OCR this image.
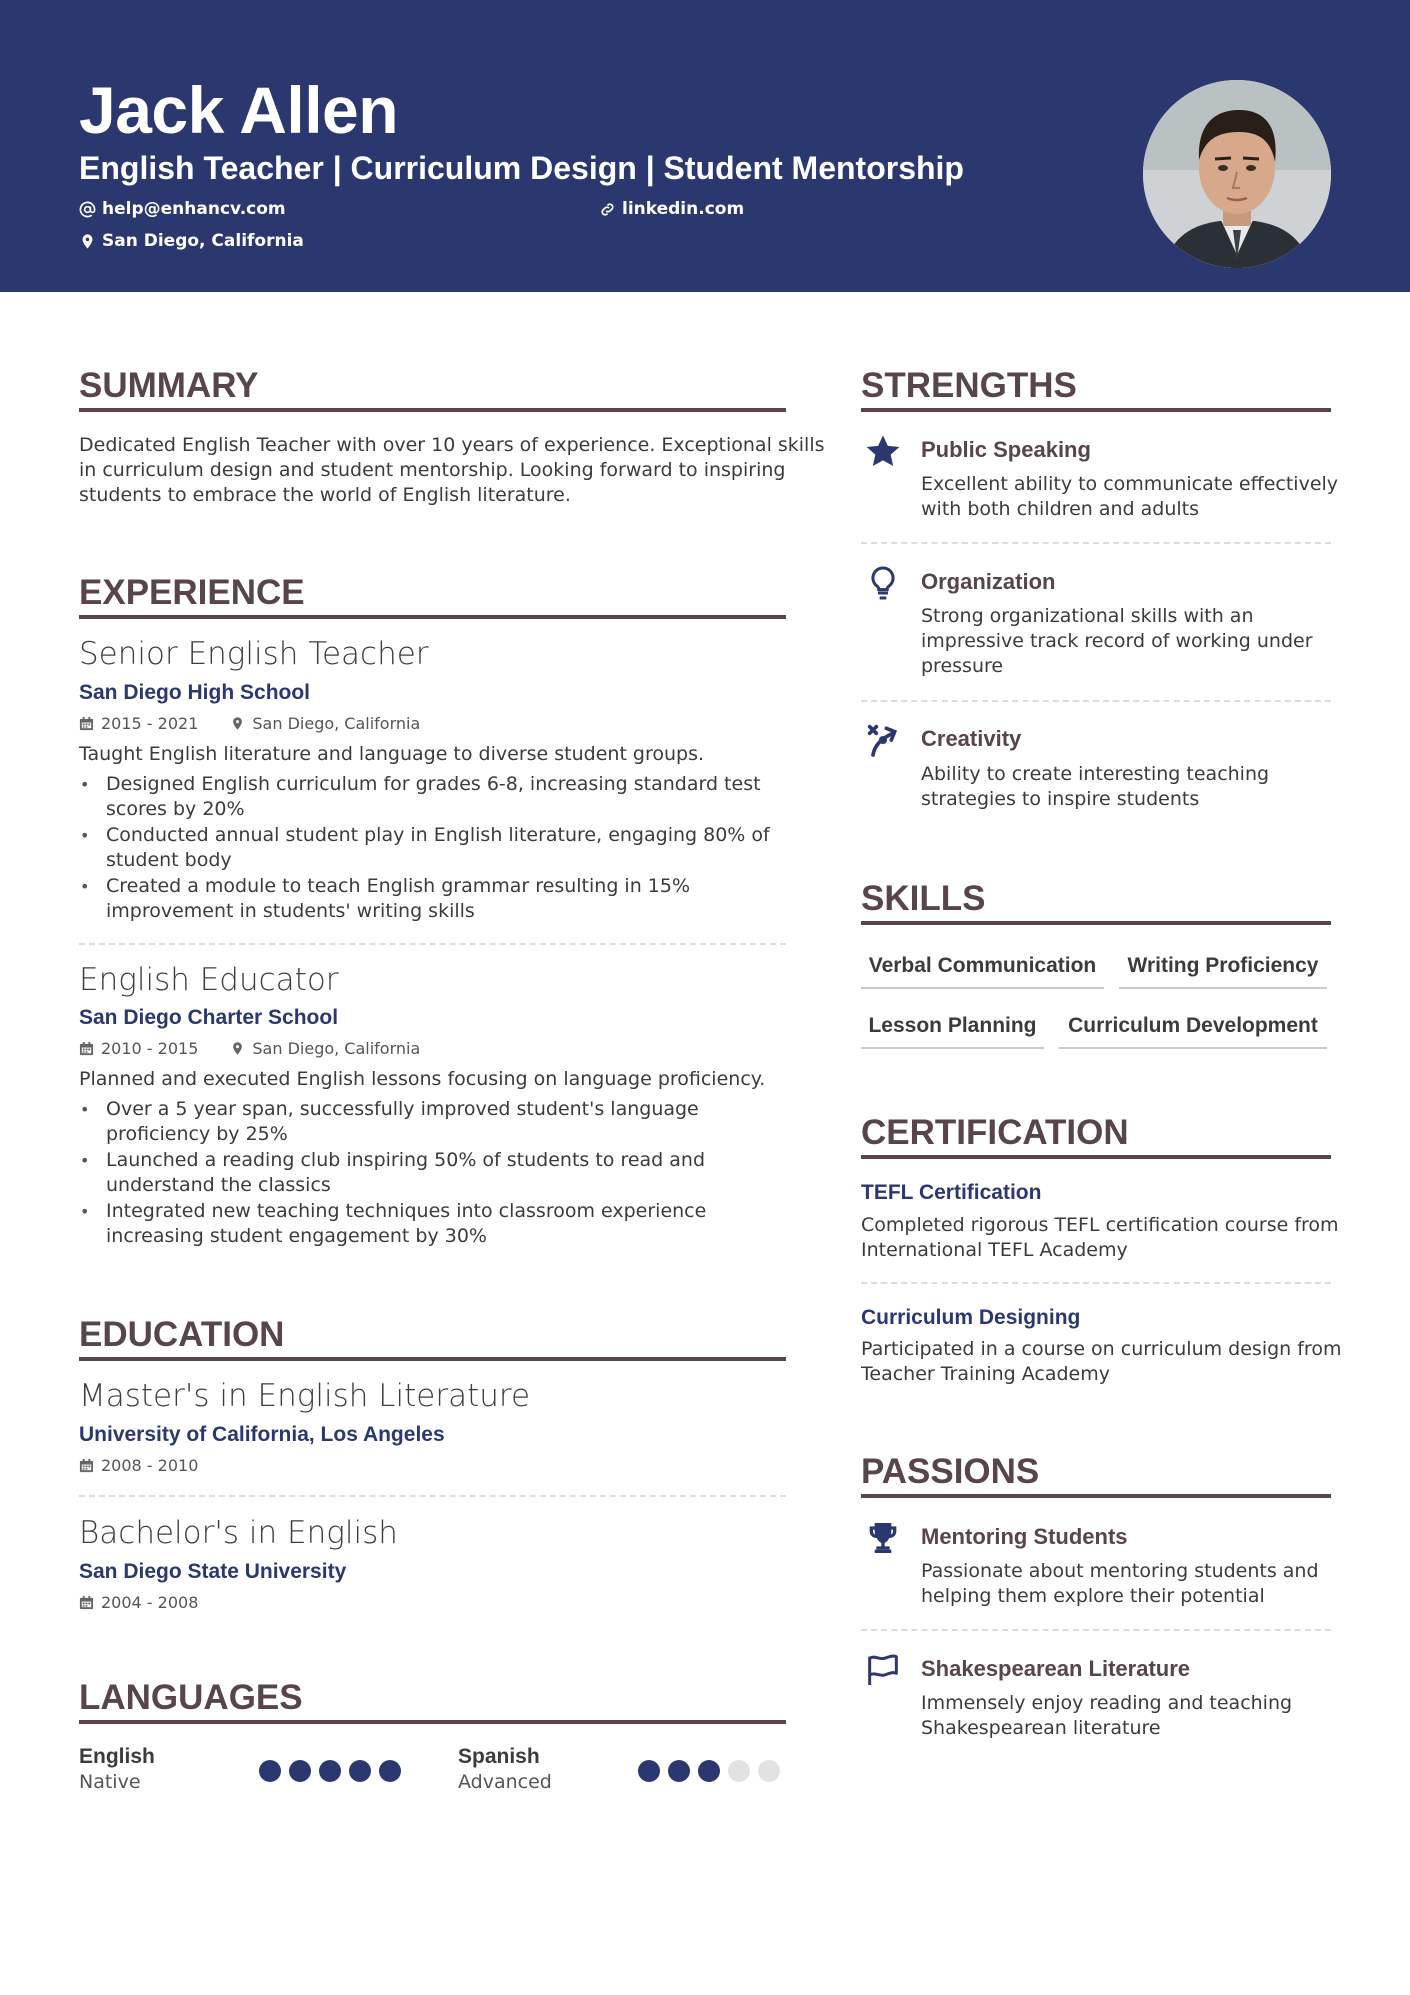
Jack Allen
English Teacher | Curriculum Design | Student Mentorship
help@enhancv.com	linkedin.com
San Diego, California
SUMMARY
Dedicated English Teacher with over 10 years of experience. Exceptional skills
in curriculum design and student mentorship. Looking forward to inspiring
students to embrace the world of English literature.
EXPERIENCE
Senior English Teacher
San Diego High School
2015 - 2021	San Diego, California
Taught English literature and language to diverse student groups.
• Designed English curriculum for grades 6-8, increasing standard test scores by 20%
• Conducted annual student play in English literature, engaging 80% of student body
• Created a module to teach English grammar resulting in 15% improvement in students' writing skills
English Educator
San Diego Charter School
2010 - 2015	San Diego, California
Planned and executed English lessons focusing on language proficiency.
• Over a 5 year span, successfully improved student's language proficiency by 25%
• Launched a reading club inspiring 50% of students to read and understand the classics
• Integrated new teaching techniques into classroom experience increasing student engagement by 30%
EDUCATION
Master's in English Literature
University of California, Los Angeles
2008 - 2010
Bachelor's in English
San Diego State University
2004 - 2008
LANGUAGES
English
Native
Spanish
Advanced
STRENGTHS
Public Speaking
Excellent ability to communicate effectively
with both children and adults
Organization
Strong organizational skills with an
impressive track record of working under
pressure
Creativity
Ability to create interesting teaching
strategies to inspire students
SKILLS
Verbal Communication	Writing Proficiency
Lesson Planning	Curriculum Development
CERTIFICATION
TEFL Certification
Completed rigorous TEFL certification course from
International TEFL Academy
Curriculum Designing
Participated in a course on curriculum design from
Teacher Training Academy
PASSIONS
Mentoring Students
Passionate about mentoring students and
helping them explore their potential
Shakespearean Literature
Immensely enjoy reading and teaching
Shakespearean literature
